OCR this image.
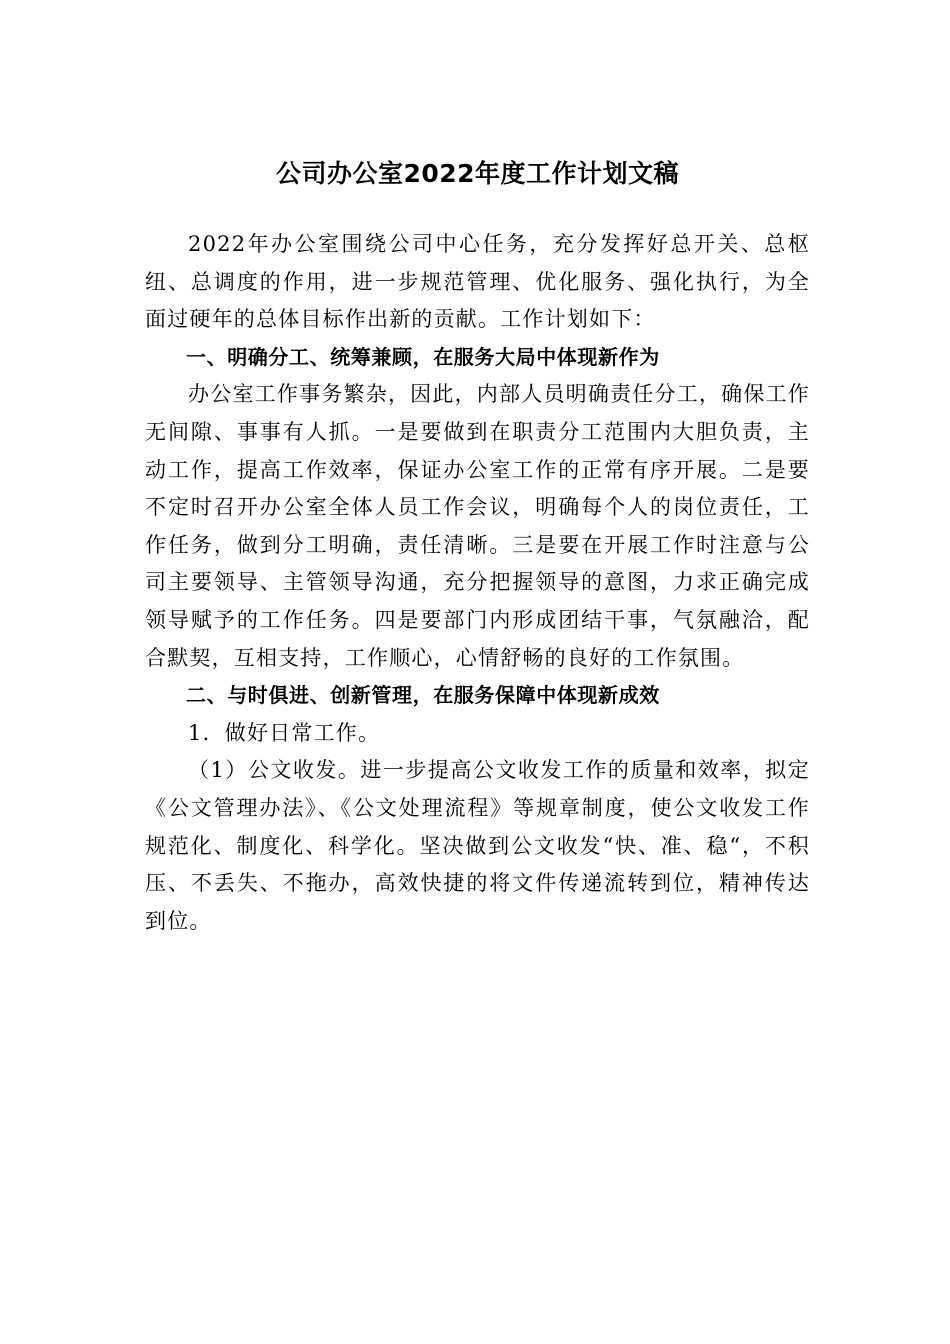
公司办公室2022年度工作计划文稿

2022年办公室围绕公司中心任务，充分发挥好总开关、总枢纽、总调度的作用，进一步规范管理、优化服务、强化执行，为全面过硬年的总体目标作出新的贡献。工作计划如下：

一、明确分工、统筹兼顾，在服务大局中体现新作为

办公室工作事务繁杂，因此，内部人员明确责任分工，确保工作无间隙、事事有人抓。一是要做到在职责分工范围内大胆负责，主动工作，提高工作效率，保证办公室工作的正常有序开展。二是要不定时召开办公室全体人员工作会议，明确每个人的岗位责任，工作任务，做到分工明确，责任清晰。三是要在开展工作时注意与公司主要领导、主管领导沟通，充分把握领导的意图，力求正确完成领导赋予的工作任务。四是要部门内形成团结干事，气氛融洽，配合默契，互相支持，工作顺心，心情舒畅的良好的工作氛围。

二、与时俱进、创新管理，在服务保障中体现新成效

1．做好日常工作。

（1）公文收发。进一步提高公文收发工作的质量和效率，拟定《公文管理办法》、《公文处理流程》等规章制度，使公文收发工作规范化、制度化、科学化。坚决做到公文收发“快、准、稳“，不积压、不丢失、不拖办，高效快捷的将文件传递流转到位，精神传达到位。
